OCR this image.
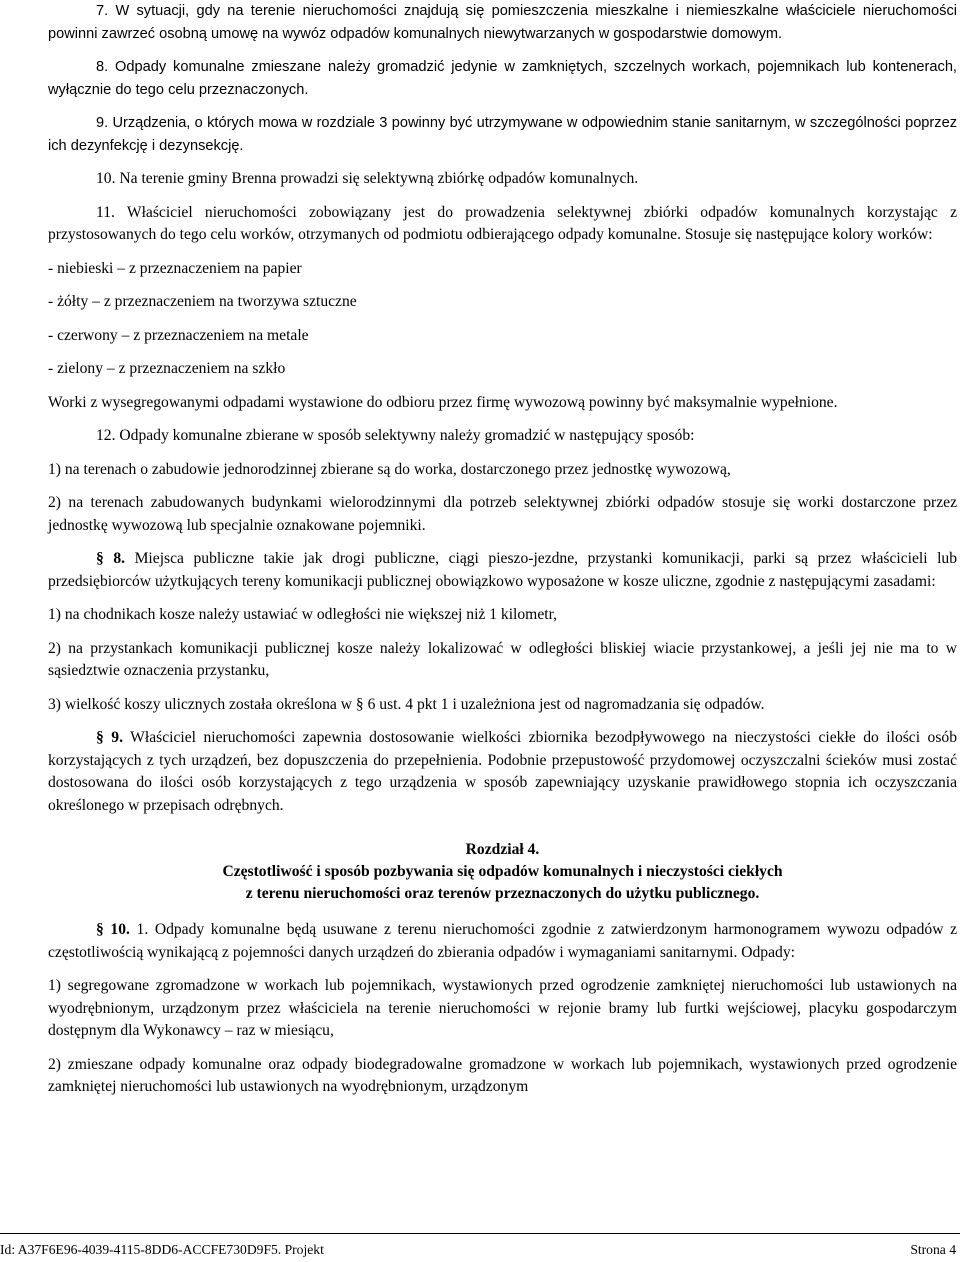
7. W sytuacji, gdy na terenie nieruchomości znajdują się pomieszczenia mieszkalne i niemieszkalne właściciele nieruchomości powinni zawrzeć osobną umowę na wywóz odpadów komunalnych niewytwarzanych w gospodarstwie domowym.

8. Odpady komunalne zmieszane należy gromadzić jedynie w zamkniętych, szczelnych workach, pojemnikach lub kontenerach, wyłącznie do tego celu przeznaczonych.

9. Urządzenia, o których mowa w rozdziale 3 powinny być utrzymywane w odpowiednim stanie sanitarnym, w szczególności poprzez ich dezynfekcję i dezynsekcję.

10. Na terenie gminy Brenna prowadzi się selektywną zbiórkę odpadów komunalnych.

11. Właściciel nieruchomości zobowiązany jest do prowadzenia selektywnej zbiórki odpadów komunalnych korzystając z przystosowanych do tego celu worków, otrzymanych od podmiotu odbierającego odpady komunalne. Stosuje się następujące kolory worków:

- niebieski – z przeznaczeniem na papier

- żółty – z przeznaczeniem na tworzywa sztuczne

- czerwony – z przeznaczeniem na metale

- zielony – z przeznaczeniem na szkło

Worki z wysegregowanymi odpadami wystawione do odbioru przez firmę wywozową powinny być maksymalnie wypełnione.

12. Odpady komunalne zbierane w sposób selektywny należy gromadzić w następujący sposób:

1) na terenach o zabudowie jednorodzinnej zbierane są do worka, dostarczonego przez jednostkę wywozową,

2) na terenach zabudowanych budynkami wielorodzinnymi dla potrzeb selektywnej zbiórki odpadów stosuje się worki dostarczone przez jednostkę wywozową lub specjalnie oznakowane pojemniki.

§ 8. Miejsca publiczne takie jak drogi publiczne, ciągi pieszo-jezdne, przystanki komunikacji, parki są przez właścicieli lub przedsiębiorców użytkujących tereny komunikacji publicznej obowiązkowo wyposażone w kosze uliczne, zgodnie z następującymi zasadami:

1) na chodnikach kosze należy ustawiać w odległości nie większej niż 1 kilometr,

2) na przystankach komunikacji publicznej kosze należy lokalizować w odległości bliskiej wiacie przystankowej, a jeśli jej nie ma to w sąsiedztwie oznaczenia przystanku,

3) wielkość koszy ulicznych została określona w § 6 ust. 4 pkt 1 i uzależniona jest od nagromadzania się odpadów.

§ 9. Właściciel nieruchomości zapewnia dostosowanie wielkości zbiornika bezodpływowego na nieczystości ciekłe do ilości osób korzystających z tych urządzeń, bez dopuszczenia do przepełnienia. Podobnie przepustowość przydomowej oczyszczalni ścieków musi zostać dostosowana do ilości osób korzystających z tego urządzenia w sposób zapewniający uzyskanie prawidłowego stopnia ich oczyszczania określonego w przepisach odrębnych.

Rozdział 4.

Częstotliwość i sposób pozbywania się odpadów komunalnych i nieczystości ciekłych

z terenu nieruchomości oraz terenów przeznaczonych do użytku publicznego.

§ 10. 1. Odpady komunalne będą usuwane z terenu nieruchomości zgodnie z zatwierdzonym harmonogramem wywozu odpadów z częstotliwością wynikającą z pojemności danych urządzeń do zbierania odpadów i wymaganiami sanitarnymi. Odpady:

1) segregowane zgromadzone w workach lub pojemnikach, wystawionych przed ogrodzenie zamkniętej nieruchomości lub ustawionych na wyodrębnionym, urządzonym przez właściciela na terenie nieruchomości w rejonie bramy lub furtki wejściowej, placyku gospodarczym dostępnym dla Wykonawcy – raz w miesiącu,

2) zmieszane odpady komunalne oraz odpady biodegradowalne gromadzone w workach lub pojemnikach, wystawionych przed ogrodzenie zamkniętej nieruchomości lub ustawionych na wyodrębnionym, urządzonym

Id: A37F6E96-4039-4115-8DD6-ACCFE730D9F5. Projekt	Strona 4
